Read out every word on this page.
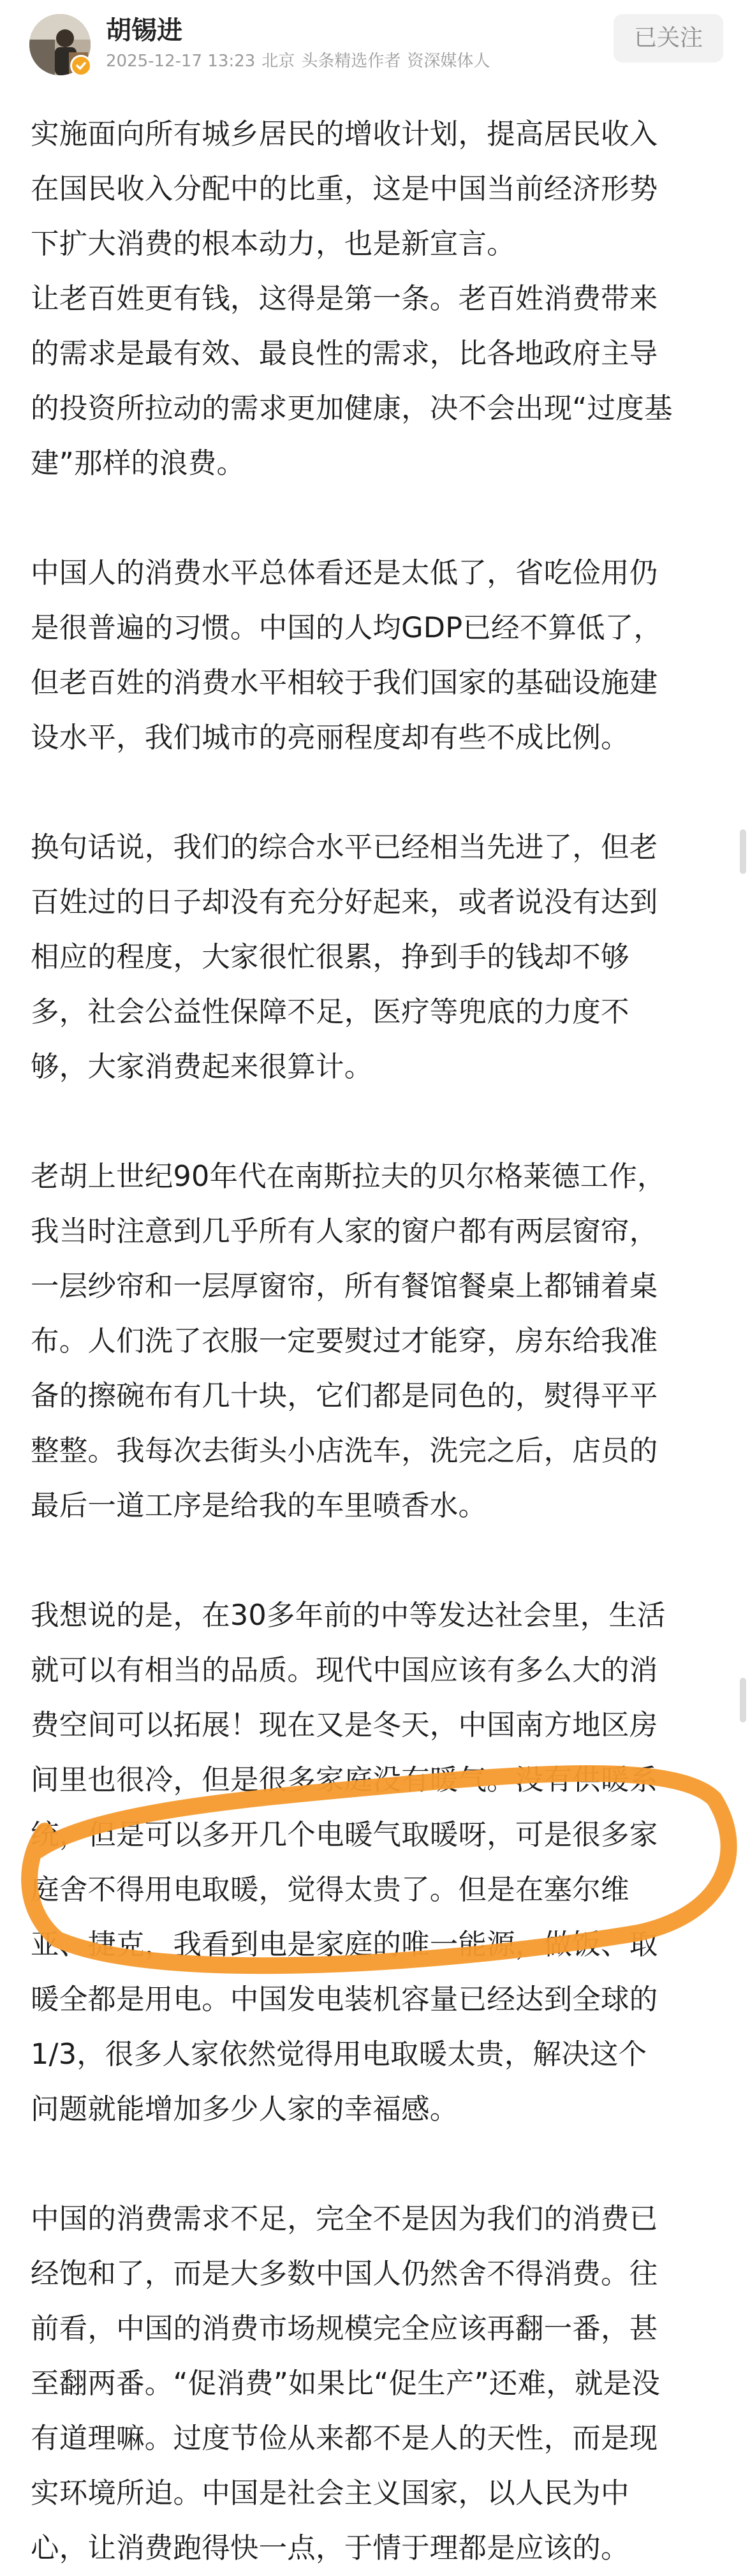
胡锡进
2025-12-17 13:23 北京 头条精选作者 资深媒体人
已关注
实施面向所有城乡居民的增收计划，提高居民收入
在国民收入分配中的比重，这是中国当前经济形势
下扩大消费的根本动力，也是新宣言。
让老百姓更有钱，这得是第一条。老百姓消费带来
的需求是最有效、最良性的需求，比各地政府主导
的投资所拉动的需求更加健康，决不会出现“过度基
建”那样的浪费。
中国人的消费水平总体看还是太低了，省吃俭用仍
是很普遍的习惯。中国的人均GDP已经不算低了，
但老百姓的消费水平相较于我们国家的基础设施建
设水平，我们城市的亮丽程度却有些不成比例。
换句话说，我们的综合水平已经相当先进了，但老
百姓过的日子却没有充分好起来，或者说没有达到
相应的程度，大家很忙很累，挣到手的钱却不够
多，社会公益性保障不足，医疗等兜底的力度不
够，大家消费起来很算计。
老胡上世纪90年代在南斯拉夫的贝尔格莱德工作，
我当时注意到几乎所有人家的窗户都有两层窗帘，
一层纱帘和一层厚窗帘，所有餐馆餐桌上都铺着桌
布。人们洗了衣服一定要熨过才能穿，房东给我准
备的擦碗布有几十块，它们都是同色的，熨得平平
整整。我每次去街头小店洗车，洗完之后，店员的
最后一道工序是给我的车里喷香水。
我想说的是，在30多年前的中等发达社会里，生活
就可以有相当的品质。现代中国应该有多么大的消
费空间可以拓展！现在又是冬天，中国南方地区房
间里也很冷，但是很多家庭没有暖气。没有供暖系
统，但是可以多开几个电暖气取暖呀，可是很多家
庭舍不得用电取暖，觉得太贵了。但是在塞尔维
亚、捷克，我看到电是家庭的唯一能源，做饭、取
暖全都是用电。中国发电装机容量已经达到全球的
1/3，很多人家依然觉得用电取暖太贵，解决这个
问题就能增加多少人家的幸福感。
中国的消费需求不足，完全不是因为我们的消费已
经饱和了，而是大多数中国人仍然舍不得消费。往
前看，中国的消费市场规模完全应该再翻一番，甚
至翻两番。“促消费”如果比“促生产”还难，就是没
有道理嘛。过度节俭从来都不是人的天性，而是现
实环境所迫。中国是社会主义国家，以人民为中
心，让消费跑得快一点，于情于理都是应该的。
